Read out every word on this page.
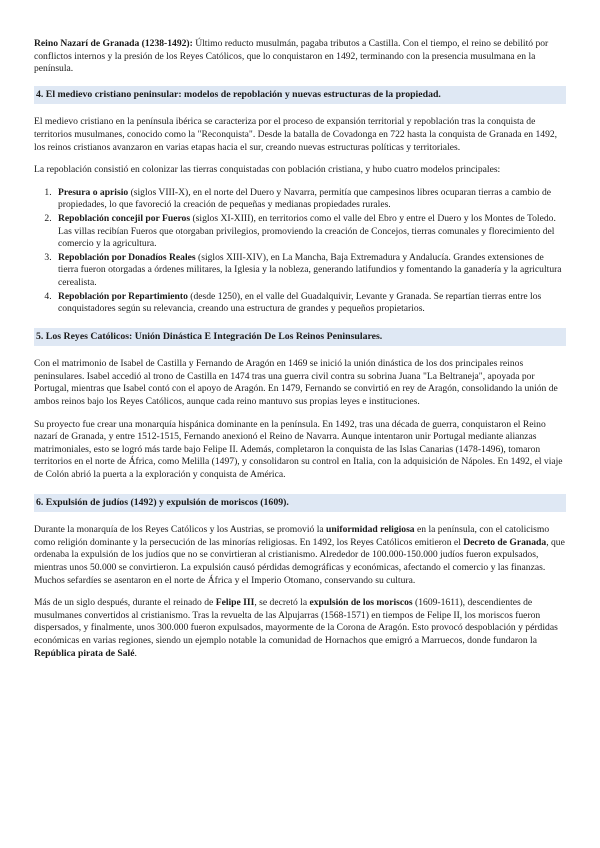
Reino Nazarí de Granada (1238-1492): Último reducto musulmán, pagaba tributos a Castilla. Con el tiempo, el reino se debilitó por conflictos internos y la presión de los Reyes Católicos, que lo conquistaron en 1492, terminando con la presencia musulmana en la península.

4. El medievo cristiano peninsular: modelos de repoblación y nuevas estructuras de la propiedad.

El medievo cristiano en la península ibérica se caracteriza por el proceso de expansión territorial y repoblación tras la conquista de territorios musulmanes, conocido como la "Reconquista". Desde la batalla de Covadonga en 722 hasta la conquista de Granada en 1492, los reinos cristianos avanzaron en varias etapas hacia el sur, creando nuevas estructuras políticas y territoriales.

La repoblación consistió en colonizar las tierras conquistadas con población cristiana, y hubo cuatro modelos principales:

1. Presura o aprisio (siglos VIII-X), en el norte del Duero y Navarra, permitía que campesinos libres ocuparan tierras a cambio de propiedades, lo que favoreció la creación de pequeñas y medianas propiedades rurales.
2. Repoblación concejil por Fueros (siglos XI-XIII), en territorios como el valle del Ebro y entre el Duero y los Montes de Toledo. Las villas recibían Fueros que otorgaban privilegios, promoviendo la creación de Concejos, tierras comunales y florecimiento del comercio y la agricultura.
3. Repoblación por Donadíos Reales (siglos XIII-XIV), en La Mancha, Baja Extremadura y Andalucía. Grandes extensiones de tierra fueron otorgadas a órdenes militares, la Iglesia y la nobleza, generando latifundios y fomentando la ganadería y la agricultura cerealista.
4. Repoblación por Repartimiento (desde 1250), en el valle del Guadalquivir, Levante y Granada. Se repartían tierras entre los conquistadores según su relevancia, creando una estructura de grandes y pequeños propietarios.
5. Los Reyes Católicos: Unión Dinástica E Integración De Los Reinos Peninsulares.

Con el matrimonio de Isabel de Castilla y Fernando de Aragón en 1469 se inició la unión dinástica de los dos principales reinos peninsulares. Isabel accedió al trono de Castilla en 1474 tras una guerra civil contra su sobrina Juana "La Beltraneja", apoyada por Portugal, mientras que Isabel contó con el apoyo de Aragón. En 1479, Fernando se convirtió en rey de Aragón, consolidando la unión de ambos reinos bajo los Reyes Católicos, aunque cada reino mantuvo sus propias leyes e instituciones.

Su proyecto fue crear una monarquía hispánica dominante en la península. En 1492, tras una década de guerra, conquistaron el Reino nazarí de Granada, y entre 1512-1515, Fernando anexionó el Reino de Navarra. Aunque intentaron unir Portugal mediante alianzas matrimoniales, esto se logró más tarde bajo Felipe II. Además, completaron la conquista de las Islas Canarias (1478-1496), tomaron territorios en el norte de África, como Melilla (1497), y consolidaron su control en Italia, con la adquisición de Nápoles. En 1492, el viaje de Colón abrió la puerta a la exploración y conquista de América.

6. Expulsión de judíos (1492) y expulsión de moriscos (1609).

Durante la monarquía de los Reyes Católicos y los Austrias, se promovió la uniformidad religiosa en la península, con el catolicismo como religión dominante y la persecución de las minorías religiosas. En 1492, los Reyes Católicos emitieron el Decreto de Granada, que ordenaba la expulsión de los judíos que no se convirtieran al cristianismo. Alrededor de 100.000-150.000 judíos fueron expulsados, mientras unos 50.000 se convirtieron. La expulsión causó pérdidas demográficas y económicas, afectando el comercio y las finanzas. Muchos sefardíes se asentaron en el norte de África y el Imperio Otomano, conservando su cultura.

Más de un siglo después, durante el reinado de Felipe III, se decretó la expulsión de los moriscos (1609-1611), descendientes de musulmanes convertidos al cristianismo. Tras la revuelta de las Alpujarras (1568-1571) en tiempos de Felipe II, los moriscos fueron dispersados, y finalmente, unos 300.000 fueron expulsados, mayormente de la Corona de Aragón. Esto provocó despoblación y pérdidas económicas en varias regiones, siendo un ejemplo notable la comunidad de Hornachos que emigró a Marruecos, donde fundaron la República pirata de Salé.
